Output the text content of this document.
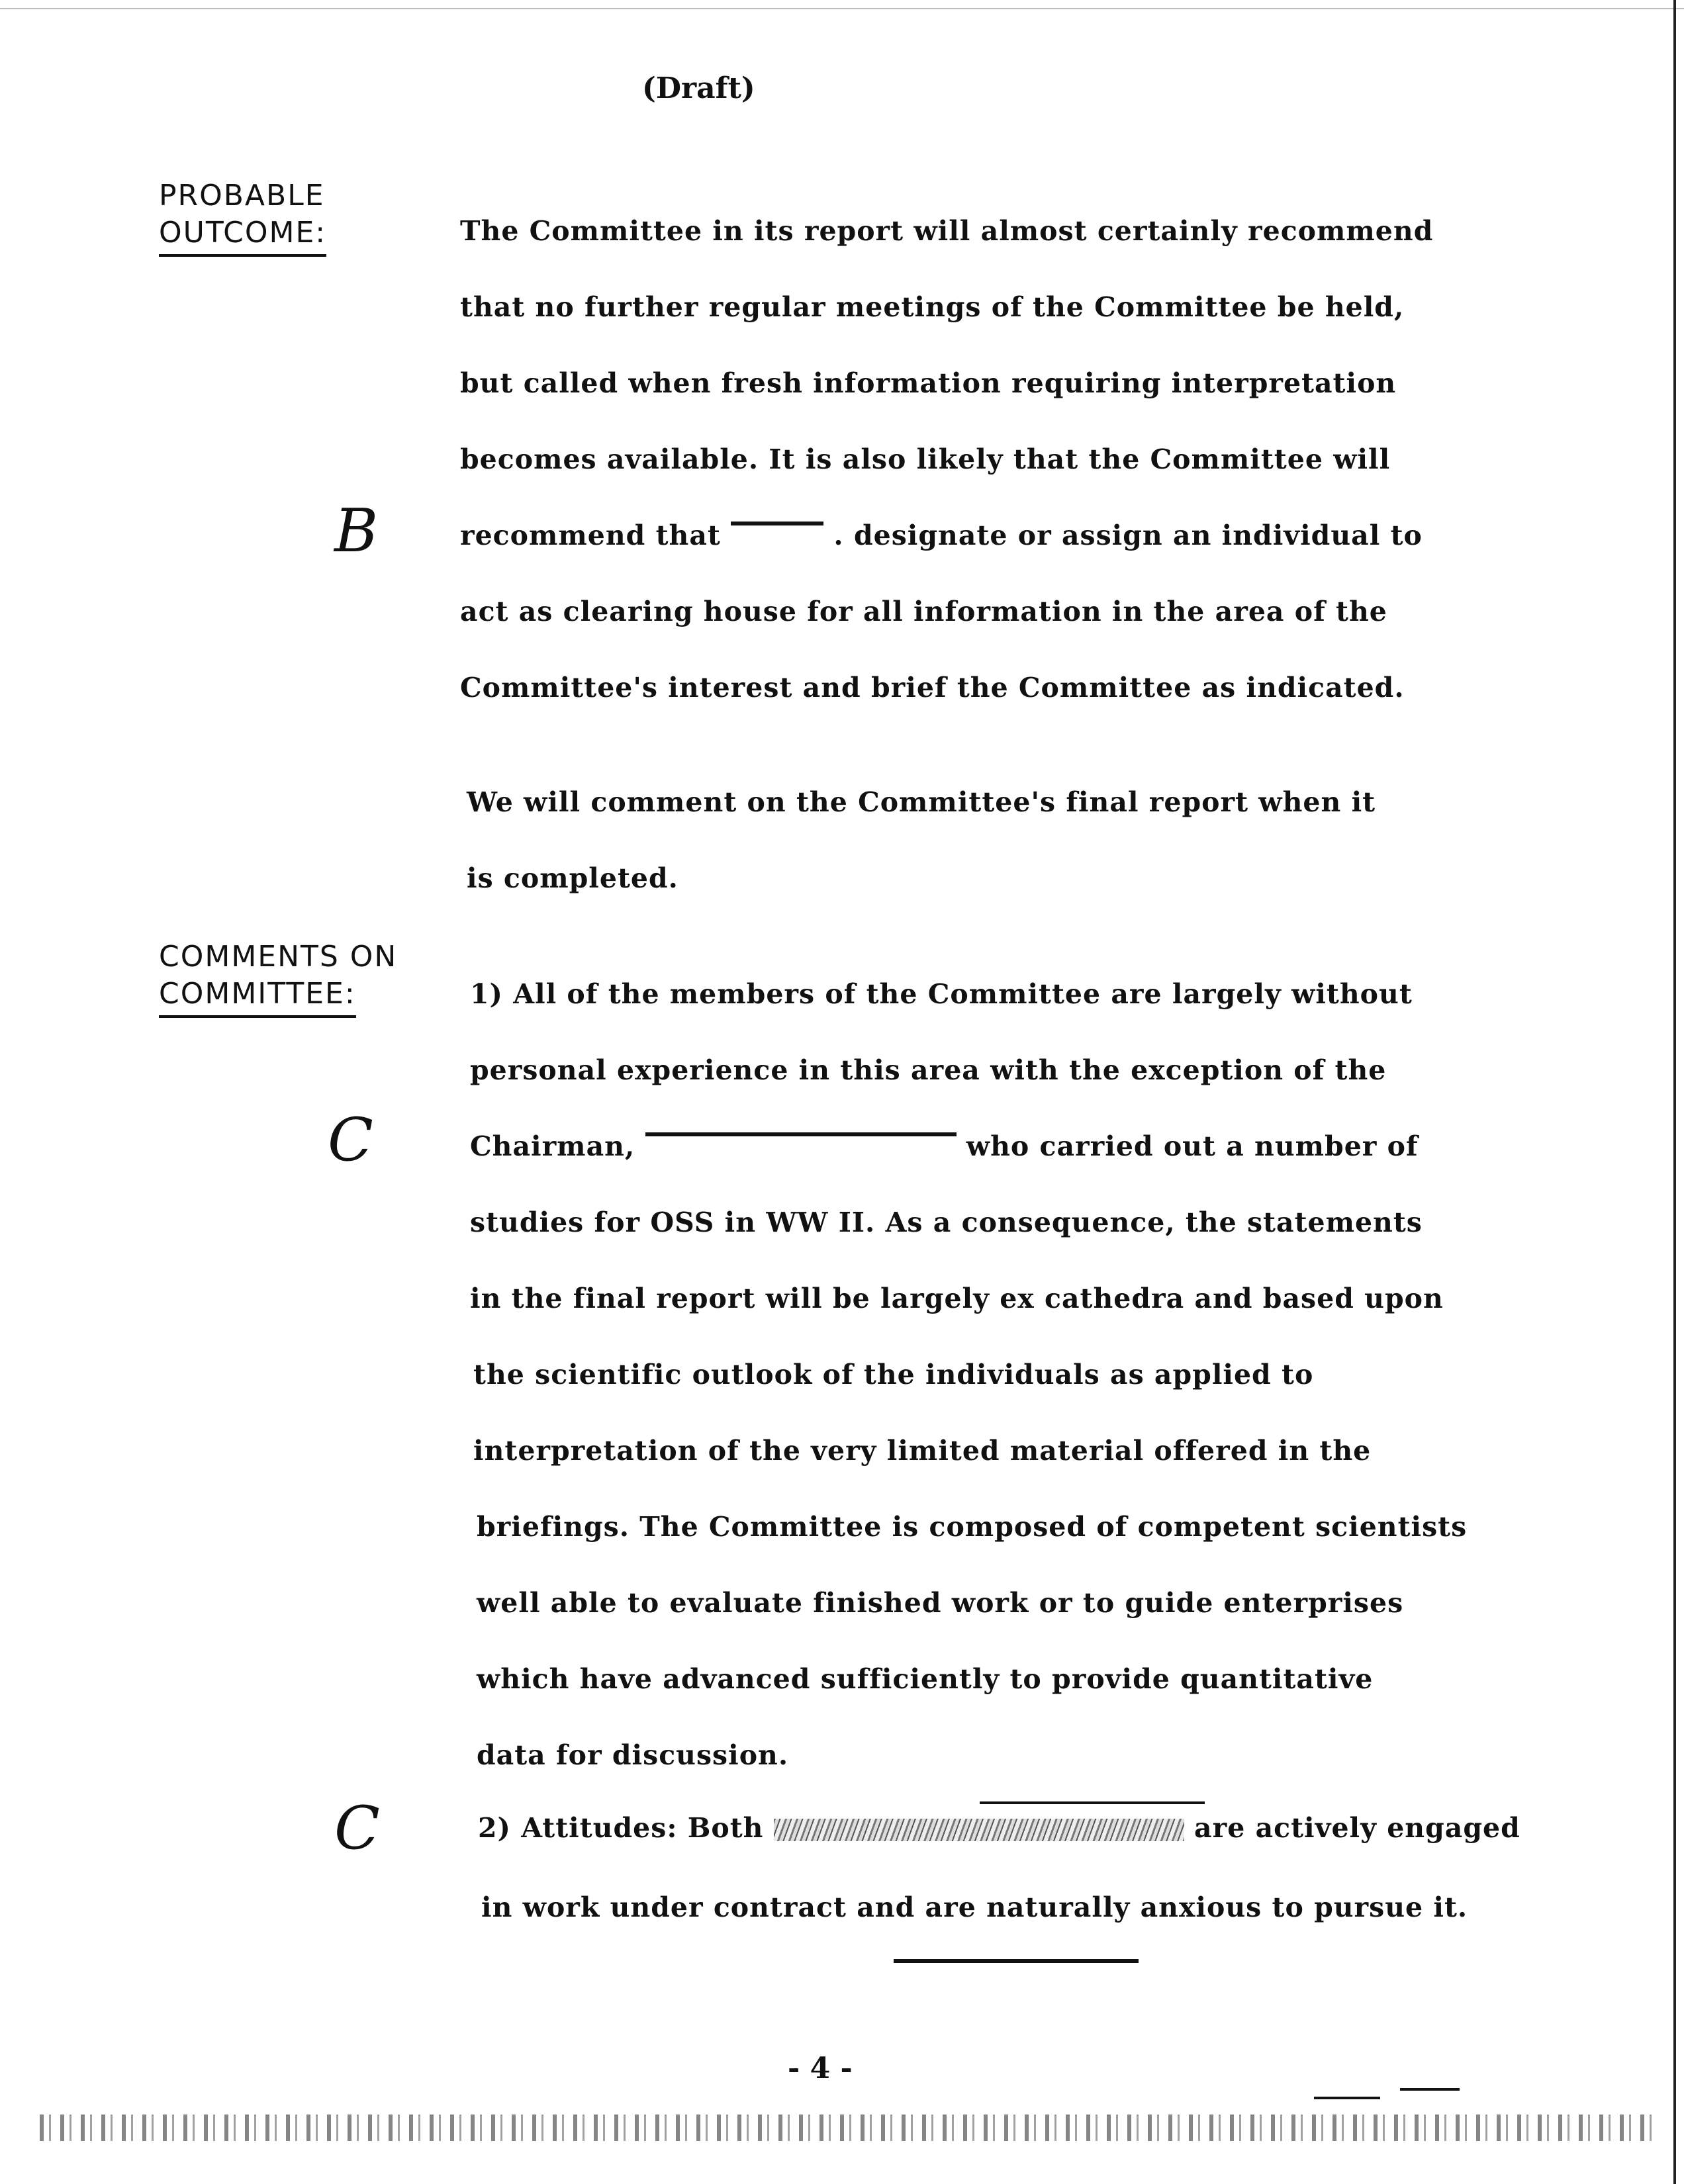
(Draft)
PROBABLE
OUTCOME:	The Committee in its report will almost certainly recommend
that no further regular meetings of the Committee be held,
but called when fresh information requiring interpretation
becomes available. It is also likely that the Committee will
recommend that	. designate or assign an individual to
act as clearing house for all information in the area of the
Committee's interest and brief the Committee as indicated.
We will comment on the Committee's final report when it
is completed.
COMMENTS ON
COMMITTEE:	1) All of the members of the Committee are largely without
personal experience in this area with the exception of the
Chairman,	who carried out a number of
studies for OSS in WW II. As a consequence, the statements
in the final report will be largely ex cathedra and based upon
the scientific outlook of the individuals as applied to
interpretation of the very limited material offered in the
briefings. The Committee is composed of competent scientists
well able to evaluate finished work or to guide enterprises
which have advanced sufficiently to provide quantitative
data for discussion.
2) Attitudes: Both	are actively engaged
in work under contract and are naturally anxious to pursue it.
B
C
C
- 4 -
